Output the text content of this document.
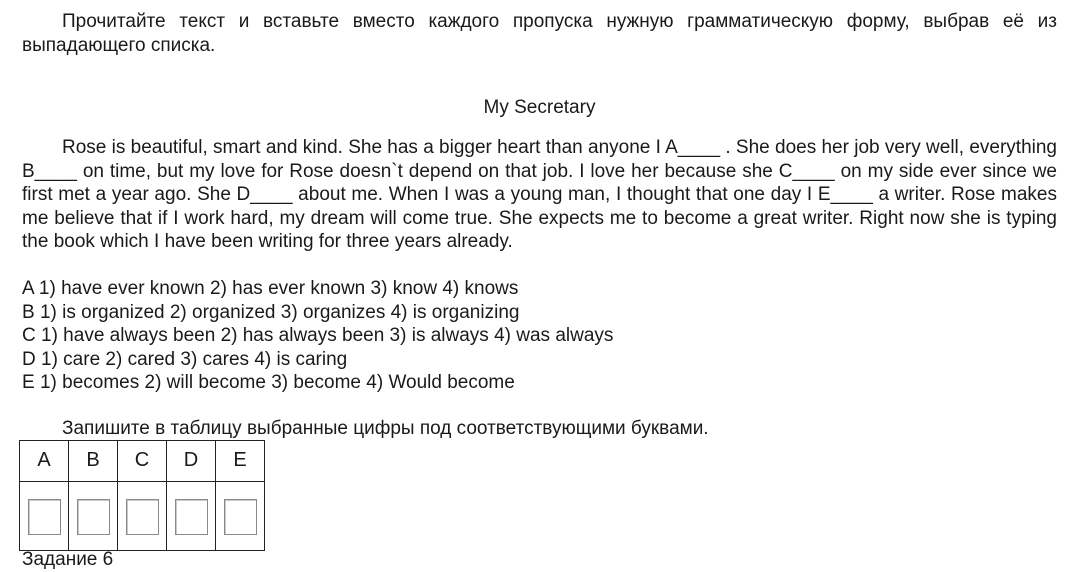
Прочитайте текст и вставьте вместо каждого пропуска нужную грамматическую форму, выбрав её из выпадающего списка.
My Secretary
Rose is beautiful, smart and kind. She has a bigger heart than anyone I A____ . She does her job very well, everything B____ on time, but my love for Rose doesn`t depend on that job. I love her because she C____ on my side ever since we first met a year ago. She D____ about me. When I was a young man, I thought that one day I E____ a writer. Rose makes me believe that if I work hard, my dream will come true. She expects me to become a great writer. Right now she is typing the book which I have been writing for three years already.
A 1) have ever known 2) has ever known 3) know 4) knows
B 1) is organized 2) organized 3) organizes 4) is organizing
C 1) have always been 2) has always been 3) is always 4) was always
D 1) care 2) cared 3) cares 4) is caring
E 1) becomes 2) will become 3) become 4) Would become
Запишите в таблицу выбранные цифры под соответствующими буквами.
A	B	C	D	E

Задание 6
